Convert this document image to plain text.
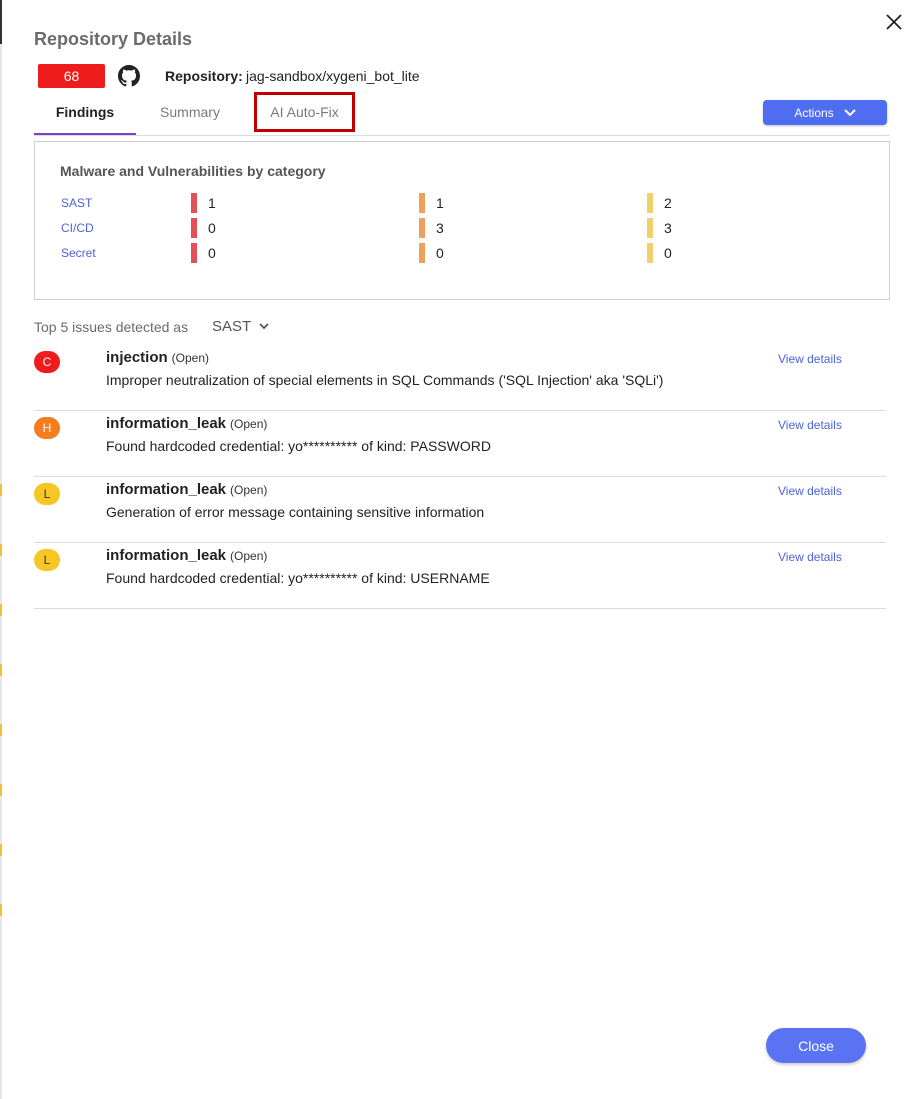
Repository Details
68	Repository: jag-sandbox/xygeni_bot_lite
Findings	Summary	AI Auto-Fix	Actions
Malware and Vulnerabilities by category
SAST	1	1	2
CI/CD	0	3	3
Secret	0	0	0
Top 5 issues detected as SAST
C	injection (Open)
Improper neutralization of special elements in SQL Commands ('SQL Injection' aka 'SQLi')
View details
H	information_leak (Open)
Found hardcoded credential: yo********** of kind: PASSWORD
View details
L	information_leak (Open)
Generation of error message containing sensitive information
View details
L	information_leak (Open)
Found hardcoded credential: yo********** of kind: USERNAME
View details
Close
